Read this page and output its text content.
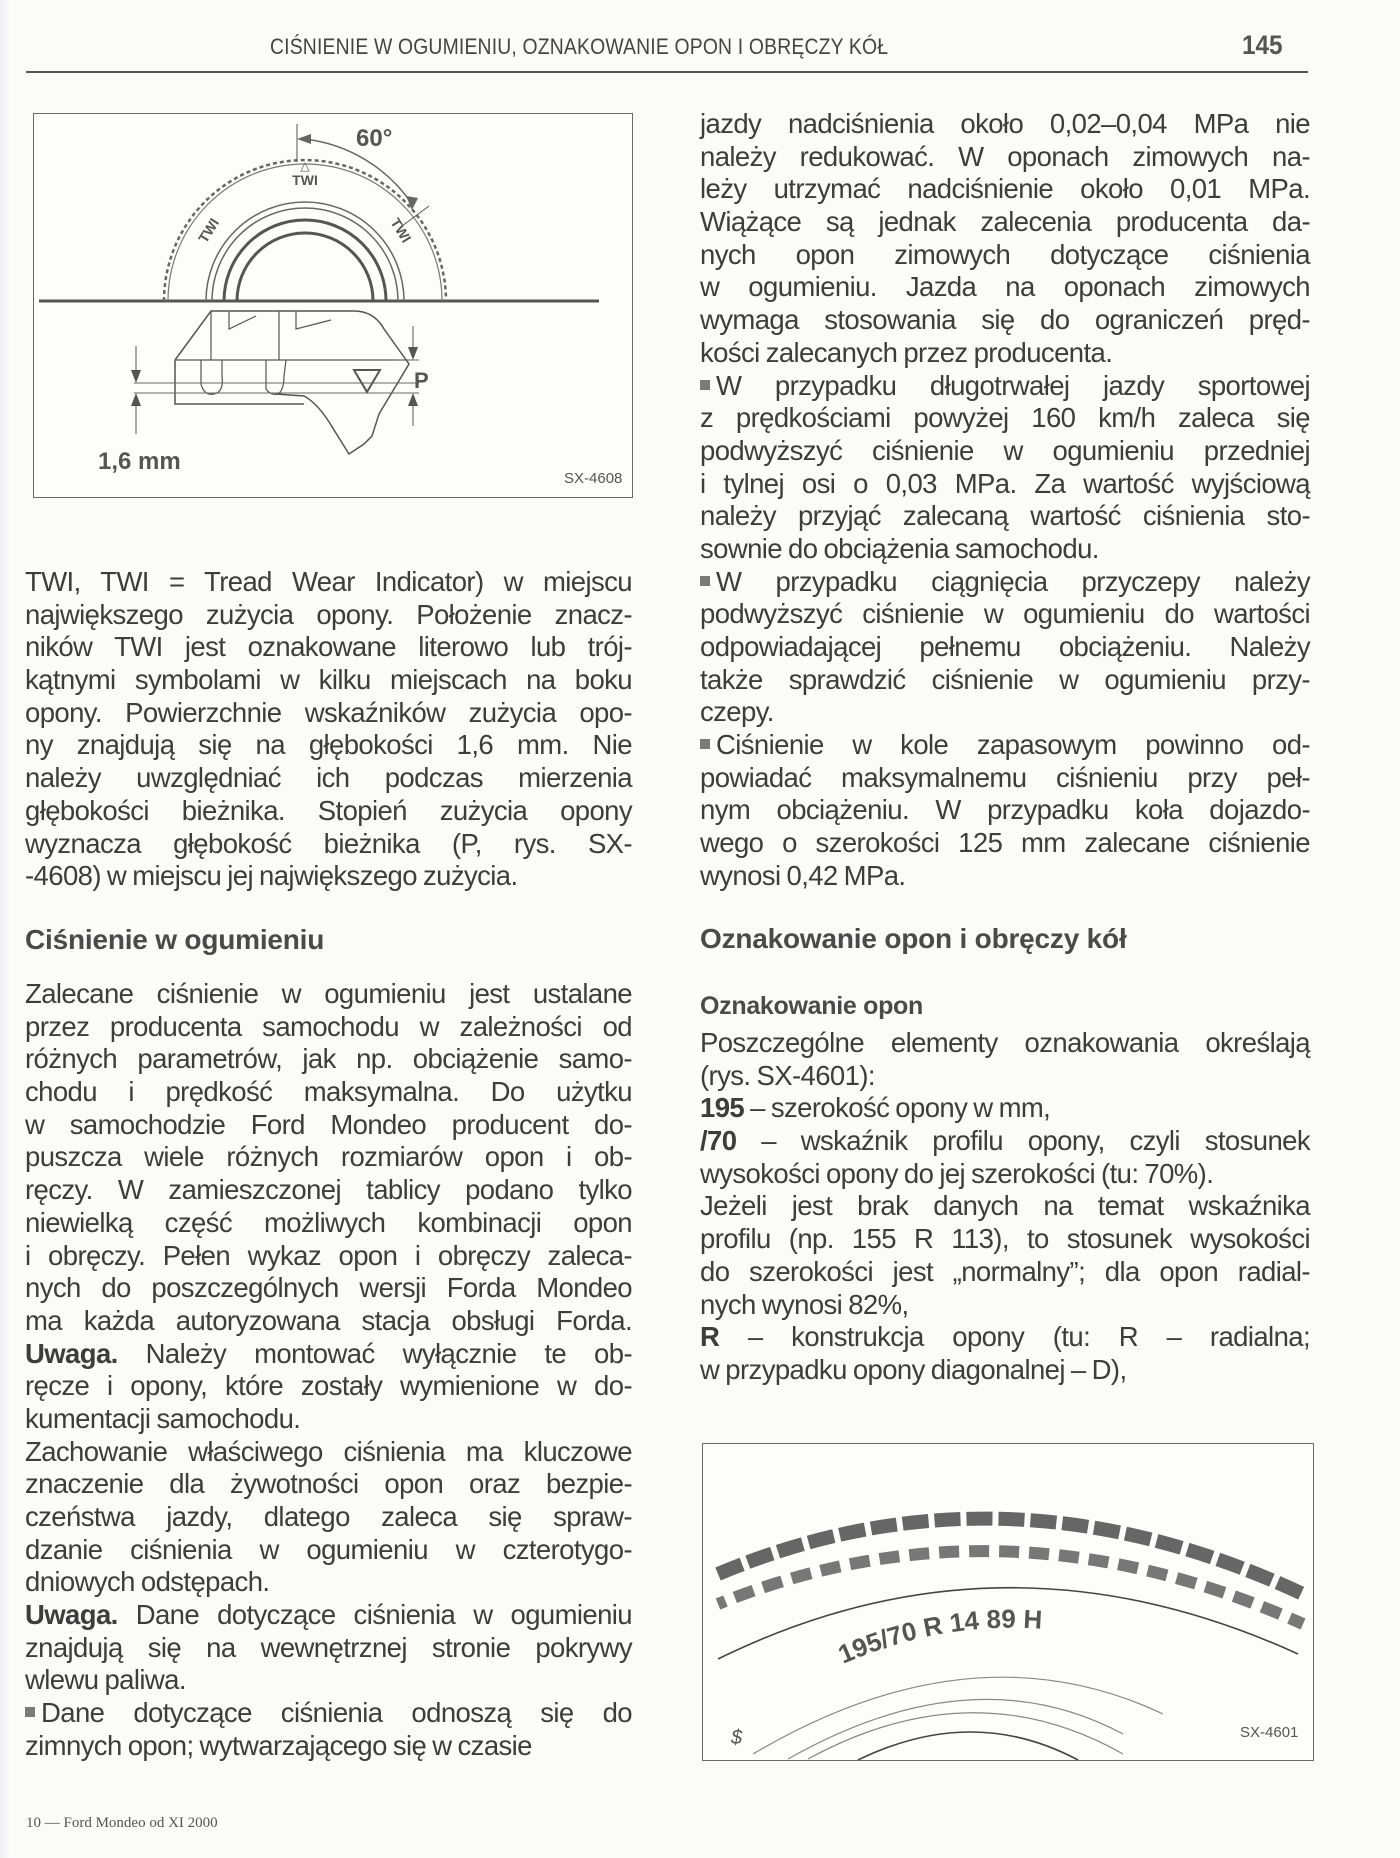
CIŚNIENIE W OGUMIENIU, OZNAKOWANIE OPON I OBRĘCZY KÓŁ	145
△
TWI
TWI	TWI
60°
P
1,6 mm
SX-4608
TWI, TWI = Tread Wear Indicator) w miejscu
największego zużycia opony. Położenie znacz-
ników TWI jest oznakowane literowo lub trój-
kątnymi symbolami w kilku miejscach na boku
opony. Powierzchnie wskaźników zużycia opo-
ny znajdują się na głębokości 1,6 mm. Nie
należy uwzględniać ich podczas mierzenia
głębokości bieżnika. Stopień zużycia opony
wyznacza głębokość bieżnika (P, rys. SX-
-4608) w miejscu jej największego zużycia.
Ciśnienie w ogumieniu
Zalecane ciśnienie w ogumieniu jest ustalane
przez producenta samochodu w zależności od
różnych parametrów, jak np. obciążenie samo-
chodu i prędkość maksymalna. Do użytku
w samochodzie Ford Mondeo producent do-
puszcza wiele różnych rozmiarów opon i ob-
ręczy. W zamieszczonej tablicy podano tylko
niewielką część możliwych kombinacji opon
i obręczy. Pełen wykaz opon i obręczy zaleca-
nych do poszczególnych wersji Forda Mondeo
ma każda autoryzowana stacja obsługi Forda.
Uwaga. Należy montować wyłącznie te ob-
ręcze i opony, które zostały wymienione w do-
kumentacji samochodu.
Zachowanie właściwego ciśnienia ma kluczowe
znaczenie dla żywotności opon oraz bezpie-
czeństwa jazdy, dlatego zaleca się spraw-
dzanie ciśnienia w ogumieniu w czterotygo-
dniowych odstępach.
Uwaga. Dane dotyczące ciśnienia w ogumieniu
znajdują się na wewnętrznej stronie pokrywy
wlewu paliwa.
Dane dotyczące ciśnienia odnoszą się do
zimnych opon; wytwarzającego się w czasie
jazdy nadciśnienia około 0,02–0,04 MPa nie
należy redukować. W oponach zimowych na-
leży utrzymać nadciśnienie około 0,01 MPa.
Wiążące są jednak zalecenia producenta da-
nych opon zimowych dotyczące ciśnienia
w ogumieniu. Jazda na oponach zimowych
wymaga stosowania się do ograniczeń pręd-
kości zalecanych przez producenta.
W przypadku długotrwałej jazdy sportowej
z prędkościami powyżej 160 km/h zaleca się
podwyższyć ciśnienie w ogumieniu przedniej
i tylnej osi o 0,03 MPa. Za wartość wyjściową
należy przyjąć zalecaną wartość ciśnienia sto-
sownie do obciążenia samochodu.
W przypadku ciągnięcia przyczepy należy
podwyższyć ciśnienie w ogumieniu do wartości
odpowiadającej pełnemu obciążeniu. Należy
także sprawdzić ciśnienie w ogumieniu przy-
czepy.
Ciśnienie w kole zapasowym powinno od-
powiadać maksymalnemu ciśnieniu przy peł-
nym obciążeniu. W przypadku koła dojazdo-
wego o szerokości 125 mm zalecane ciśnienie
wynosi 0,42 MPa.
Oznakowanie opon i obręczy kół
Oznakowanie opon
Poszczególne elementy oznakowania określają
(rys. SX-4601):
195 – szerokość opony w mm,
/70 – wskaźnik profilu opony, czyli stosunek
wysokości opony do jej szerokości (tu: 70%).
Jeżeli jest brak danych na temat wskaźnika
profilu (np. 155 R 113), to stosunek wysokości
do szerokości jest „normalny”; dla opon radial-
nych wynosi 82%,
R – konstrukcja opony (tu: R – radialna;
w przypadku opony diagonalnej – D),
195/70 R 14 89 H
$	SX-4601
10 — Ford Mondeo od XI 2000
